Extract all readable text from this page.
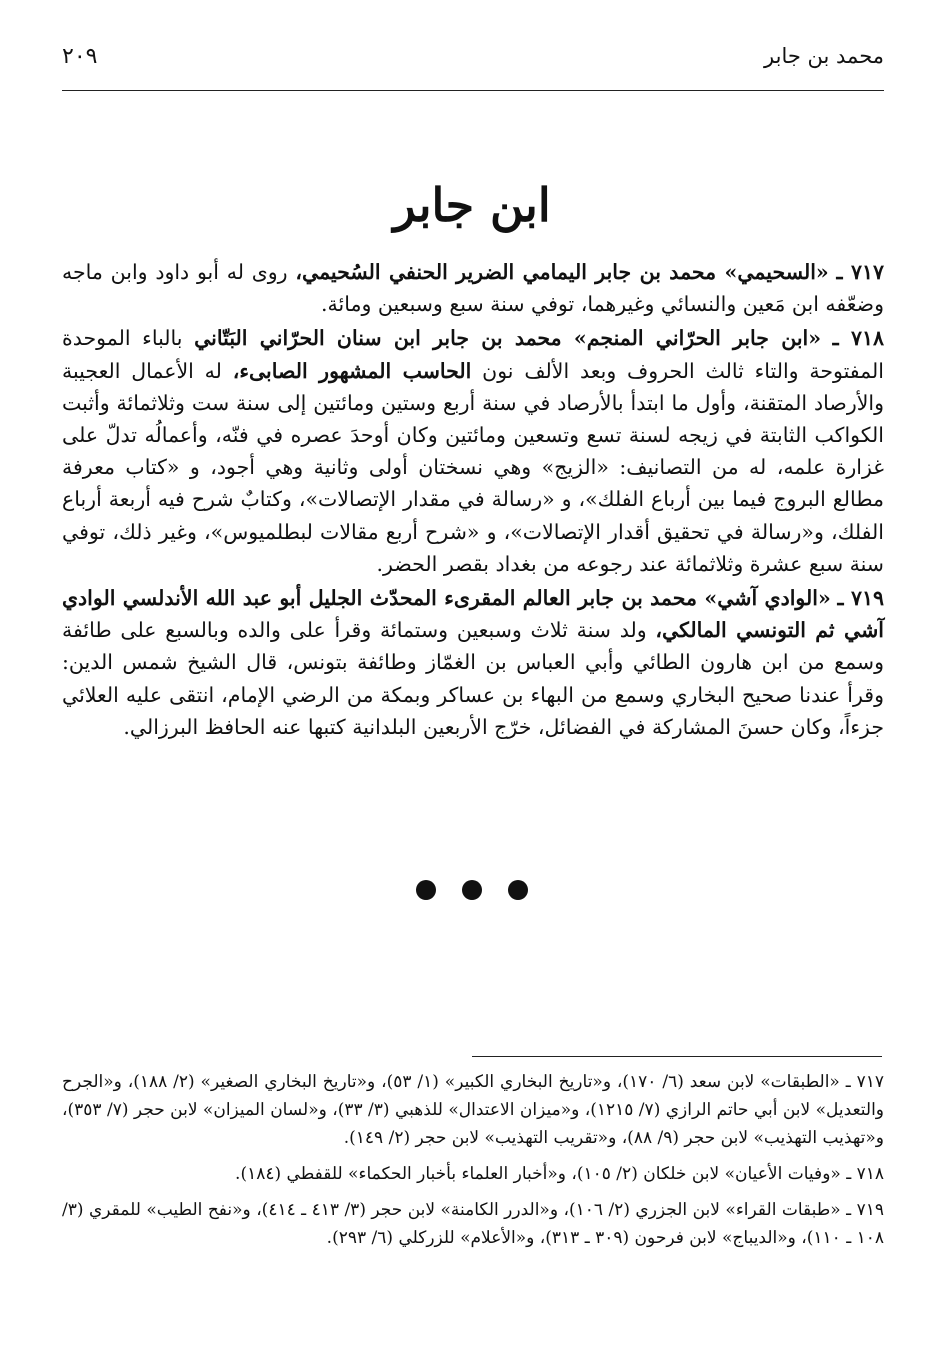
محمد بن جابر
٢٠٩
ابن جابر

٧١٧ ـ «السحيمي» محمد بن جابر اليمامي الضرير الحنفي السُحيمي، روى له أبو داود وابن ماجه وضعّفه ابن مَعين والنسائي وغيرهما، توفي سنة سبع وسبعين ومائة.

٧١٨ ـ «ابن جابر الحرّاني المنجم» محمد بن جابر ابن سنان الحرّاني البَتّاني بالباء الموحدة المفتوحة والتاء ثالث الحروف وبعد الألف نون الحاسب المشهور الصابىء، له الأعمال العجيبة والأرصاد المتقنة، وأول ما ابتدأ بالأرصاد في سنة أربع وستين ومائتين إلى سنة ست وثلاثمائة وأثبت الكواكب الثابتة في زيجه لسنة تسع وتسعين ومائتين وكان أوحدَ عصره في فنّه، وأعمالُه تدلّ على غزارة علمه، له من التصانيف: «الزيج» وهي نسختان أولى وثانية وهي أجود، و «كتاب معرفة مطالع البروج فيما بين أرباع الفلك»، و «رسالة في مقدار الإتصالات»، وكتابٌ شرح فيه أربعة أرباع الفلك، و«رسالة في تحقيق أقدار الإتصالات»، و «شرح أربع مقالات لبطلميوس»، وغير ذلك، توفي سنة سبع عشرة وثلاثمائة عند رجوعه من بغداد بقصر الحضر.

٧١٩ ـ «الوادي آشي» محمد بن جابر العالم المقرىء المحدّث الجليل أبو عبد الله الأندلسي الوادي آشي ثم التونسي المالكي، ولد سنة ثلاث وسبعين وستمائة وقرأ على والده وبالسبع على طائفة وسمع من ابن هارون الطائي وأبي العباس بن الغمّاز وطائفة بتونس، قال الشيخ شمس الدين: وقرأ عندنا صحيح البخاري وسمع من البهاء بن عساكر وبمكة من الرضي الإمام، انتقى عليه العلائي جزءاً، وكان حسنَ المشاركة في الفضائل، خرّج الأربعين البلدانية كتبها عنه الحافظ البرزالي.

٧١٧ ـ «الطبقات» لابن سعد (٦/ ١٧٠)، و«تاريخ البخاري الكبير» (١/ ٥٣)، و«تاريخ البخاري الصغير» (٢/ ١٨٨)، و«الجرح والتعديل» لابن أبي حاتم الرازي (٧/ ١٢١٥)، و«ميزان الاعتدال» للذهبي (٣/ ٣٣)، و«لسان الميزان» لابن حجر (٧/ ٣٥٣)، و«تهذيب التهذيب» لابن حجر (٩/ ٨٨)، و«تقريب التهذيب» لابن حجر (٢/ ١٤٩).

٧١٨ ـ «وفيات الأعيان» لابن خلكان (٢/ ١٠٥)، و«أخبار العلماء بأخبار الحكماء» للقفطي (١٨٤).

٧١٩ ـ «طبقات القراء» لابن الجزري (٢/ ١٠٦)، و«الدرر الكامنة» لابن حجر (٣/ ٤١٣ ـ ٤١٤)، و«نفح الطيب» للمقري (٣/ ١٠٨ ـ ١١٠)، و«الديباج» لابن فرحون (٣٠٩ ـ ٣١٣)، و«الأعلام» للزركلي (٦/ ٢٩٣).
